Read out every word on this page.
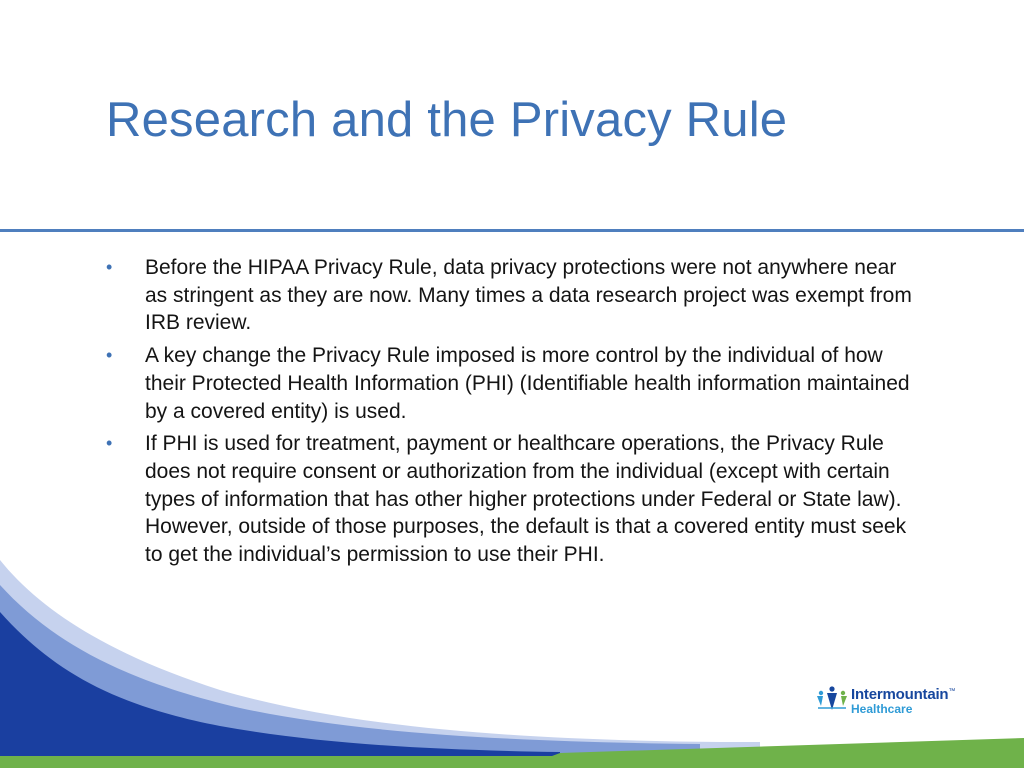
Research and the Privacy Rule
• Before the HIPAA Privacy Rule, data privacy protections were not anywhere near as stringent as they are now. Many times a data research project was exempt from IRB review.
• A key change the Privacy Rule imposed is more control by the individual of how their Protected Health Information (PHI) (Identifiable health information maintained by a covered entity) is used.
• If PHI is used for treatment, payment or healthcare operations, the Privacy Rule does not require consent or authorization from the individual (except with certain types of information that has other higher protections under Federal or State law). However, outside of those purposes, the default is that a covered entity must seek to get the individual’s permission to use their PHI.
Intermountain™
Healthcare
